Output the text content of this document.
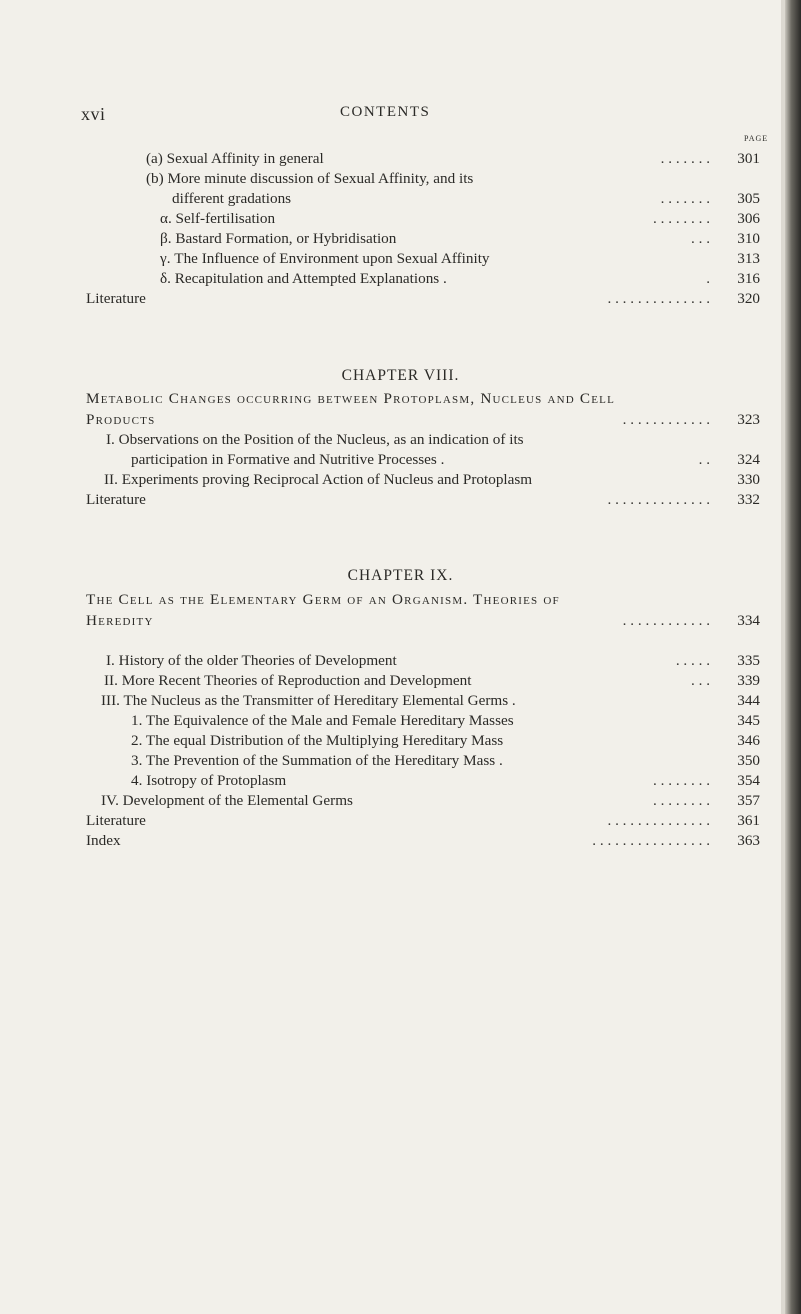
xvi	CONTENTS
PAGE
(a) Sexual Affinity in general	. . . . . . .	301
(b) More minute discussion of Sexual Affinity, and its
different gradations	. . . . . . .	305
α. Self-fertilisation	. . . . . . . .	306
β. Bastard Formation, or Hybridisation	. . .	310
γ. The Influence of Environment upon Sexual Affinity	313
δ. Recapitulation and Attempted Explanations .	.	316
Literature	. . . . . . . . . . . . . .	320
I. Observations on the Position of the Nucleus, as an indication of its
participation in Formative and Nutritive Processes .	. .	324
II. Experiments proving Reciprocal Action of Nucleus and Protoplasm	330
Literature	. . . . . . . . . . . . . .	332
I. History of the older Theories of Development	. . . . .	335
II. More Recent Theories of Reproduction and Development	. . .	339
III. The Nucleus as the Transmitter of Hereditary Elemental Germs .	344
1. The Equivalence of the Male and Female Hereditary Masses	345
2. The equal Distribution of the Multiplying Hereditary Mass	346
3. The Prevention of the Summation of the Hereditary Mass .	350
4. Isotropy of Protoplasm	. . . . . . . .	354
IV. Development of the Elemental Germs	. . . . . . . .	357
Literature	. . . . . . . . . . . . . .	361
Index	. . . . . . . . . . . . . . . .	363
CHAPTER VIII.
Metabolic Changes occurring between Protoplasm, Nucleus and Cell
Products	. . . . . . . . . . . .	323
CHAPTER IX.
The Cell as the Elementary Germ of an Organism. Theories of
Heredity	. . . . . . . . . . . .	334
